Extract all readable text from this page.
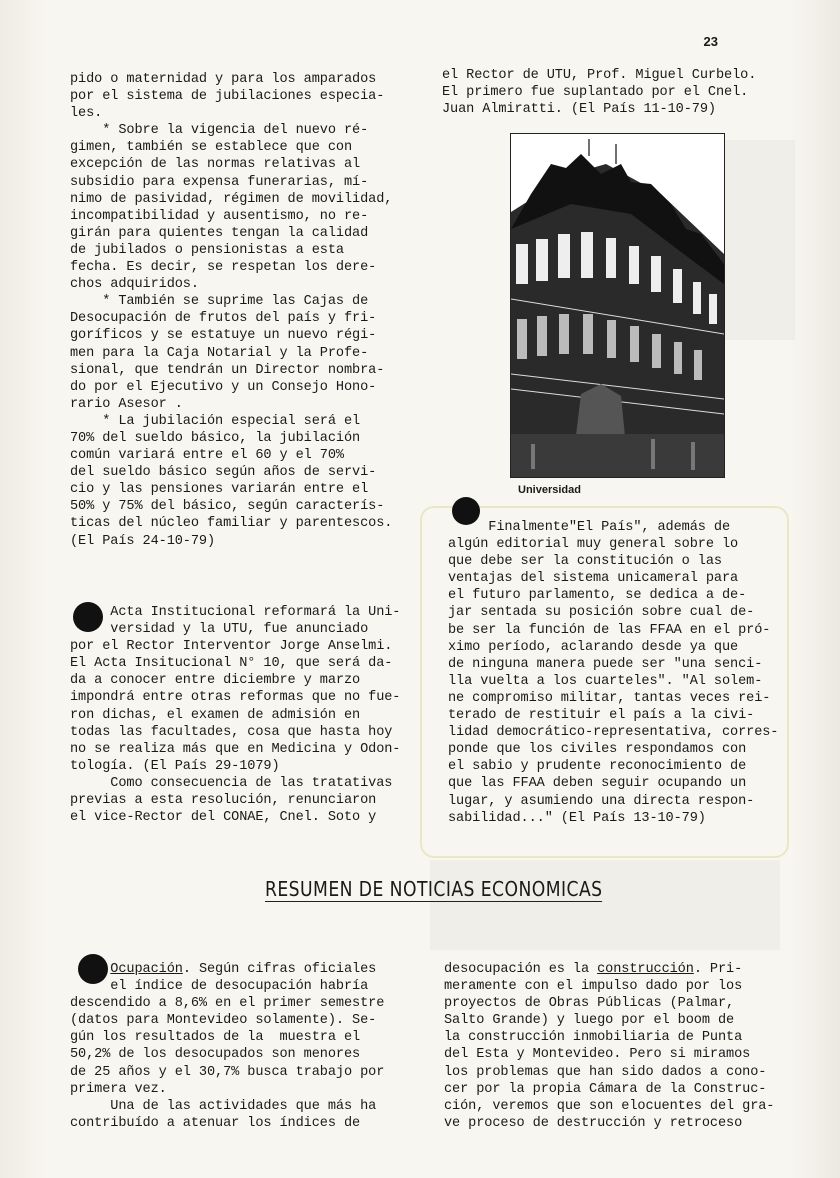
23

pido o maternidad y para los amparados

por el sistema de jubilaciones especia-

les.

* Sobre la vigencia del nuevo ré-

gimen, también se establece que con

excepción de las normas relativas al

subsidio para expensa funerarias, mí-

nimo de pasividad, régimen de movilidad,

incompatibilidad y ausentismo, no re-

girán para quientes tengan la calidad

de jubilados o pensionistas a esta

fecha. Es decir, se respetan los dere-

chos adquiridos.

* También se suprime las Cajas de

Desocupación de frutos del país y fri-

goríficos y se estatuye un nuevo régi-

men para la Caja Notarial y la Profe-

sional, que tendrán un Director nombra-

do por el Ejecutivo y un Consejo Hono-

rario Asesor .

* La jubilación especial será el

70% del sueldo básico, la jubilación

común variará entre el 60 y el 70%

del sueldo básico según años de servi-

cio y las pensiones variarán entre el

50% y 75% del básico, según caracterís-

ticas del núcleo familiar y parentescos.

(El País 24-10-79)

Acta Institucional reformará la Uni-

versidad y la UTU, fue anunciado

por el Rector Interventor Jorge Anselmi.

El Acta Insitucional N° 10, que será da-

da a conocer entre diciembre y marzo

impondrá entre otras reformas que no fue-

ron dichas, el examen de admisión en

todas las facultades, cosa que hasta hoy

no se realiza más que en Medicina y Odon-

tología. (El País 29-1079)

Como consecuencia de las tratativas

previas a esta resolución, renunciaron

el vice-Rector del CONAE, Cnel. Soto y

el Rector de UTU, Prof. Miguel Curbelo.

El primero fue suplantado por el Cnel.

Juan Almiratti. (El País 11-10-79)

Universidad

Finalmente"El País", además de

algún editorial muy general sobre lo

que debe ser la constitución o las

ventajas del sistema unicameral para

el futuro parlamento, se dedica a de-

jar sentada su posición sobre cual de-

be ser la función de las FFAA en el pró-

ximo período, aclarando desde ya que

de ninguna manera puede ser "una senci-

lla vuelta a los cuarteles". "Al solem-

ne compromiso militar, tantas veces rei-

terado de restituir el país a la civi-

lidad democrático-representativa, corres-

ponde que los civiles respondamos con

el sabio y prudente reconocimiento de

que las FFAA deben seguir ocupando un

lugar, y asumiendo una directa respon-

sabilidad..." (El País 13-10-79)

RESUMEN DE NOTICIAS ECONOMICAS

Ocupación. Según cifras oficiales

el índice de desocupación habría

descendido a 8,6% en el primer semestre

(datos para Montevideo solamente). Se-

gún los resultados de la  muestra el

50,2% de los desocupados son menores

de 25 años y el 30,7% busca trabajo por

primera vez.

Una de las actividades que más ha

contribuído a atenuar los índices de

desocupación es la construcción. Pri-

meramente con el impulso dado por los

proyectos de Obras Públicas (Palmar,

Salto Grande) y luego por el boom de

la construcción inmobiliaria de Punta

del Esta y Montevideo. Pero si miramos

los problemas que han sido dados a cono-

cer por la propia Cámara de la Construc-

ción, veremos que son elocuentes del gra-

ve proceso de destrucción y retroceso
